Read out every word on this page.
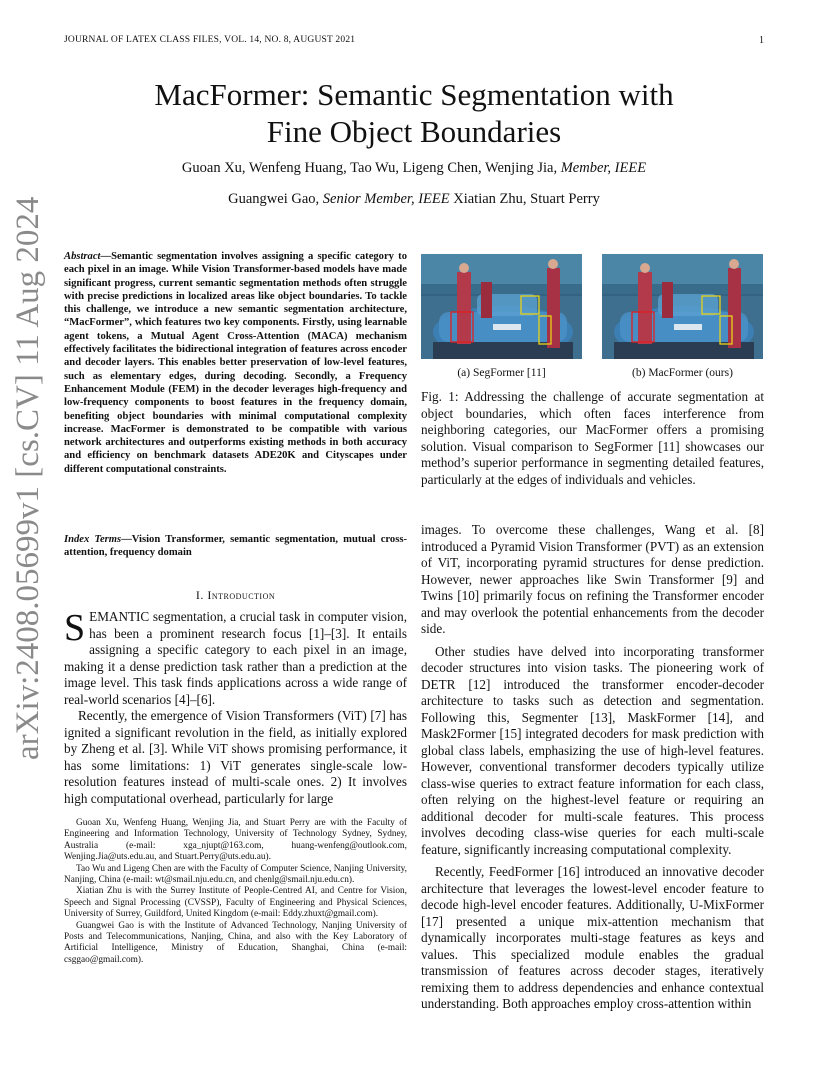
JOURNAL OF LATEX CLASS FILES, VOL. 14, NO. 8, AUGUST 2021	1
arXiv:2408.05699v1 [cs.CV] 11 Aug 2024
MacFormer: Semantic Segmentation with
Fine Object Boundaries
Guoan Xu, Wenfeng Huang, Tao Wu, Ligeng Chen, Wenjing Jia, Member, IEEE
Guangwei Gao, Senior Member, IEEE Xiatian Zhu, Stuart Perry
Abstract—Semantic segmentation involves assigning a specific category to each pixel in an image. While Vision Transformer-based models have made significant progress, current semantic segmentation methods often struggle with precise predictions in localized areas like object boundaries. To tackle this challenge, we introduce a new semantic segmentation architecture, “MacFormer”, which features two key components. Firstly, using learnable agent tokens, a Mutual Agent Cross-Attention (MACA) mechanism effectively facilitates the bidirectional integration of features across encoder and decoder layers. This enables better preservation of low-level features, such as elementary edges, during decoding. Secondly, a Frequency Enhancement Module (FEM) in the decoder leverages high-frequency and low-frequency components to boost features in the frequency domain, benefiting object boundaries with minimal computational complexity increase. MacFormer is demonstrated to be compatible with various network architectures and outperforms existing methods in both accuracy and efficiency on benchmark datasets ADE20K and Cityscapes under different computational constraints.
Index Terms—Vision Transformer, semantic segmentation, mutual cross-attention, frequency domain
I. Introduction

SEMANTIC segmentation, a crucial task in computer vision, has been a prominent research focus [1]–[3]. It entails assigning a specific category to each pixel in an image, making it a dense prediction task rather than a prediction at the image level. This task finds applications across a wide range of real-world scenarios [4]–[6].

Recently, the emergence of Vision Transformers (ViT) [7] has ignited a significant revolution in the field, as initially explored by Zheng et al. [3]. While ViT shows promising performance, it has some limitations: 1) ViT generates single-scale low-resolution features instead of multi-scale ones. 2) It involves high computational overhead, particularly for large

Guoan Xu, Wenfeng Huang, Wenjing Jia, and Stuart Perry are with the Faculty of Engineering and Information Technology, University of Technology Sydney, Sydney, Australia (e-mail: xga_njupt@163.com, huang-wenfeng@outlook.com, Wenjing.Jia@uts.edu.au, and Stuart.Perry@uts.edu.au).

Tao Wu and Ligeng Chen are with the Faculty of Computer Science, Nanjing University, Nanjing, China (e-mail: wt@smail.nju.edu.cn, and chenlg@smail.nju.edu.cn).

Xiatian Zhu is with the Surrey Institute of People-Centred AI, and Centre for Vision, Speech and Signal Processing (CVSSP), Faculty of Engineering and Physical Sciences, University of Surrey, Guildford, United Kingdom (e-mail: Eddy.zhuxt@gmail.com).

Guangwei Gao is with the Institute of Advanced Technology, Nanjing University of Posts and Telecommunications, Nanjing, China, and also with the Key Laboratory of Artificial Intelligence, Ministry of Education, Shanghai, China (e-mail: csggao@gmail.com).

(a) SegFormer [11]	(b) MacFormer (ours)
Fig. 1: Addressing the challenge of accurate segmentation at object boundaries, which often faces interference from neighboring categories, our MacFormer offers a promising solution. Visual comparison to SegFormer [11] showcases our method’s superior performance in segmenting detailed features, particularly at the edges of individuals and vehicles.

images. To overcome these challenges, Wang et al. [8] introduced a Pyramid Vision Transformer (PVT) as an extension of ViT, incorporating pyramid structures for dense prediction. However, newer approaches like Swin Transformer [9] and Twins [10] primarily focus on refining the Transformer encoder and may overlook the potential enhancements from the decoder side.

Other studies have delved into incorporating transformer decoder structures into vision tasks. The pioneering work of DETR [12] introduced the transformer encoder-decoder architecture to tasks such as detection and segmentation. Following this, Segmenter [13], MaskFormer [14], and Mask2Former [15] integrated decoders for mask prediction with global class labels, emphasizing the use of high-level features. However, conventional transformer decoders typically utilize class-wise queries to extract feature information for each class, often relying on the highest-level feature or requiring an additional decoder for multi-scale features. This process involves decoding class-wise queries for each multi-scale feature, significantly increasing computational complexity.

Recently, FeedFormer [16] introduced an innovative decoder architecture that leverages the lowest-level encoder feature to decode high-level encoder features. Additionally, U-MixFormer [17] presented a unique mix-attention mechanism that dynamically incorporates multi-stage features as keys and values. This specialized module enables the gradual transmission of features across decoder stages, iteratively remixing them to address dependencies and enhance contextual understanding. Both approaches employ cross-attention within
